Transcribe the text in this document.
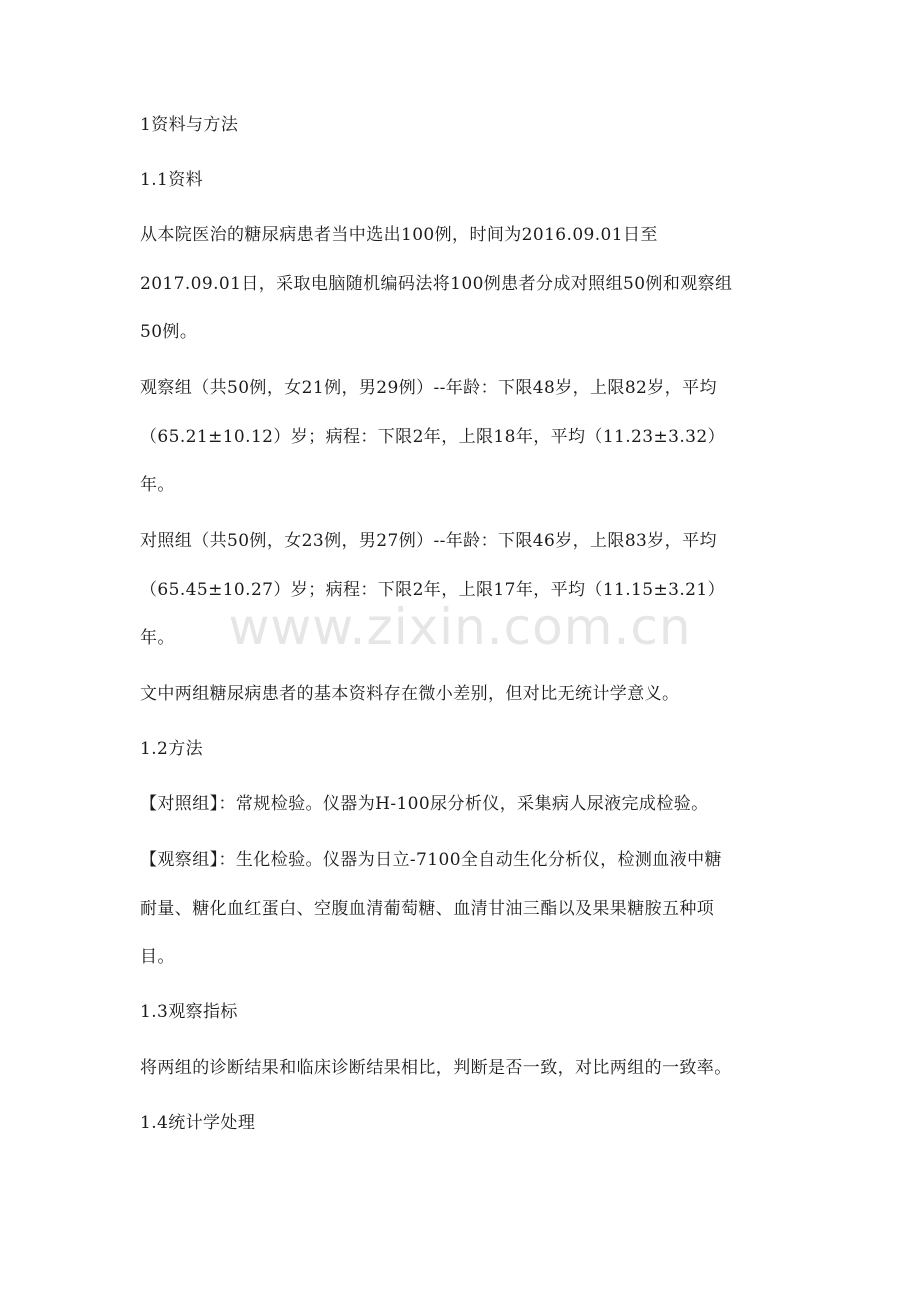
1资料与方法
1.1资料
从本院医治的糖尿病患者当中选出100例，时间为2016.09.01日至
2017.09.01日，采取电脑随机编码法将100例患者分成对照组50例和观察组
50例。
观察组（共50例，女21例，男29例）--年龄：下限48岁，上限82岁，平均
（65.21±10.12）岁；病程：下限2年，上限18年，平均（11.23±3.32）
年。
对照组（共50例，女23例，男27例）--年龄：下限46岁，上限83岁，平均
（65.45±10.27）岁；病程：下限2年，上限17年，平均（11.15±3.21）
年。
文中两组糖尿病患者的基本资料存在微小差别，但对比无统计学意义。
1.2方法
【对照组】：常规检验。仪器为H-100尿分析仪，采集病人尿液完成检验。
【观察组】：生化检验。仪器为日立-7100全自动生化分析仪，检测血液中糖
耐量、糖化血红蛋白、空腹血清葡萄糖、血清甘油三酯以及果果糖胺五种项
目。
1.3观察指标
将两组的诊断结果和临床诊断结果相比，判断是否一致，对比两组的一致率。
1.4统计学处理
www.zixin.com.cn
